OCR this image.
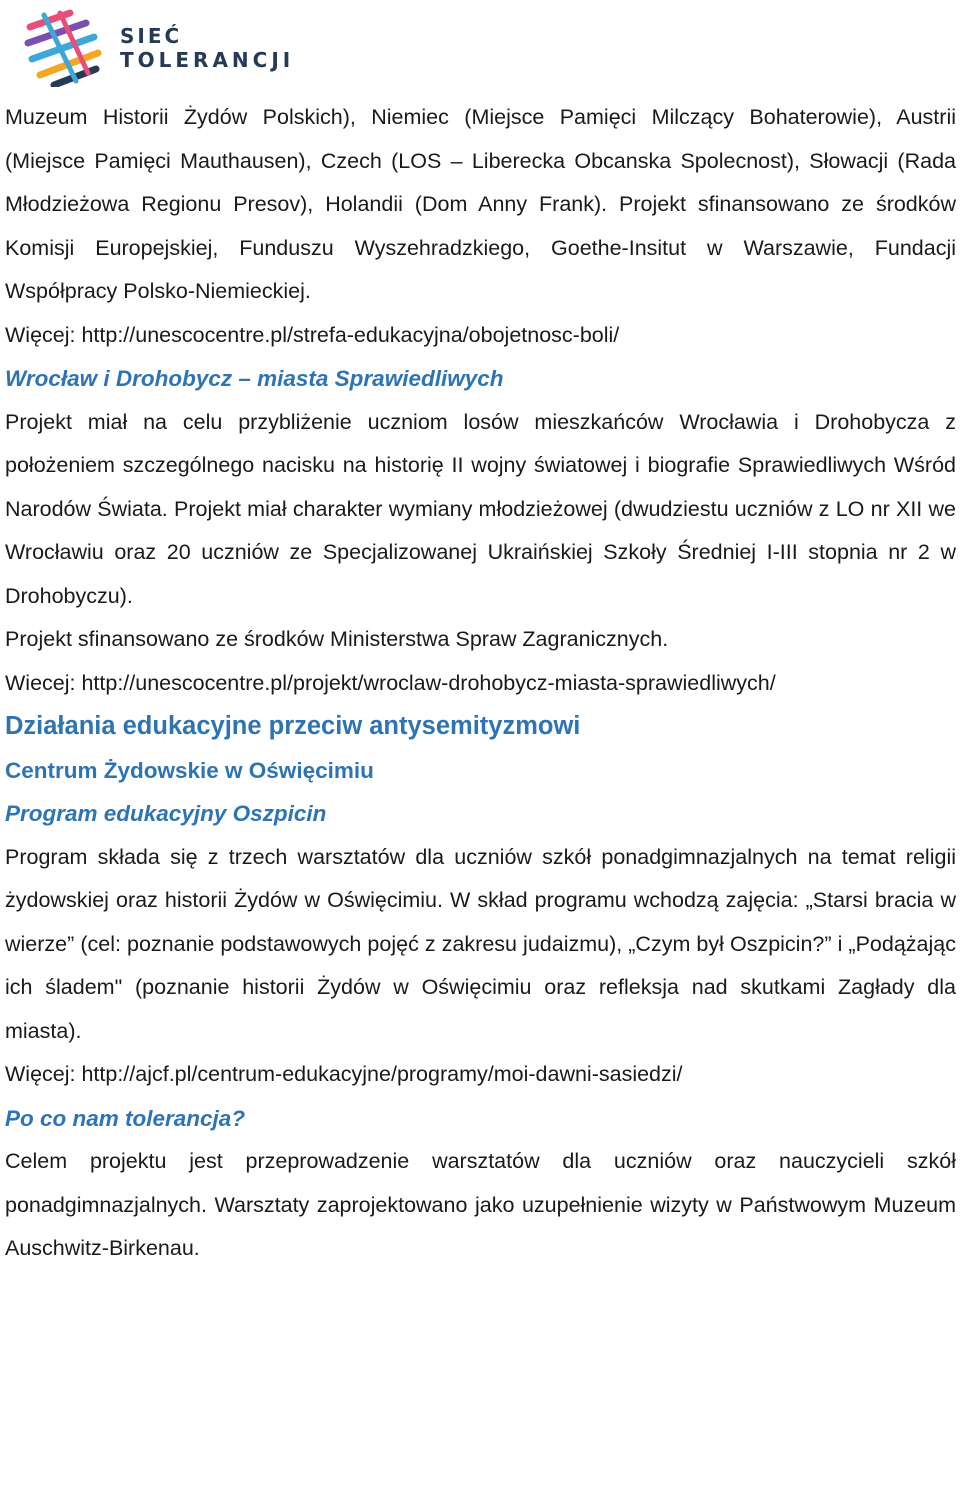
SIEĆ
TOLERANCJI

Muzeum Historii Żydów Polskich), Niemiec (Miejsce Pamięci Milczący Bohaterowie), Austrii (Miejsce Pamięci Mauthausen), Czech (LOS – Liberecka Obcanska Spolecnost), Słowacji (Rada Młodzieżowa Regionu Presov), Holandii (Dom Anny Frank). Projekt sfinansowano ze środków Komisji Europejskiej, Funduszu Wyszehradzkiego, Goethe-Insitut w Warszawie, Fundacji Współpracy Polsko-Niemieckiej.

Więcej: http://unescocentre.pl/strefa-edukacyjna/obojetnosc-boli/

Wrocław i Drohobycz – miasta Sprawiedliwych

Projekt miał na celu przybliżenie uczniom losów mieszkańców Wrocławia i Drohobycza z położeniem szczególnego nacisku na historię II wojny światowej i biografie Sprawiedliwych Wśród Narodów Świata. Projekt miał charakter wymiany młodzieżowej (dwudziestu uczniów z LO nr XII we Wrocławiu oraz 20 uczniów ze Specjalizowanej Ukraińskiej Szkoły Średniej I-III stopnia nr 2 w Drohobyczu).

Projekt sfinansowano ze środków Ministerstwa Spraw Zagranicznych.

Wiecej: http://unescocentre.pl/projekt/wroclaw-drohobycz-miasta-sprawiedliwych/

Działania edukacyjne przeciw antysemityzmowi

Centrum Żydowskie w Oświęcimiu

Program edukacyjny Oszpicin

Program składa się z trzech warsztatów dla uczniów szkół ponadgimnazjalnych na temat religii żydowskiej oraz historii Żydów w Oświęcimiu. W skład programu wchodzą zajęcia: „Starsi bracia w wierze” (cel: poznanie podstawowych pojęć z zakresu judaizmu), „Czym był Oszpicin?” i „Podążając ich śladem" (poznanie historii Żydów w Oświęcimiu oraz refleksja nad skutkami Zagłady dla miasta).

Więcej: http://ajcf.pl/centrum-edukacyjne/programy/moi-dawni-sasiedzi/

Po co nam tolerancja?

Celem projektu jest przeprowadzenie warsztatów dla uczniów oraz nauczycieli szkół ponadgimnazjalnych. Warsztaty zaprojektowano jako uzupełnienie wizyty w Państwowym Muzeum Auschwitz-Birkenau.
